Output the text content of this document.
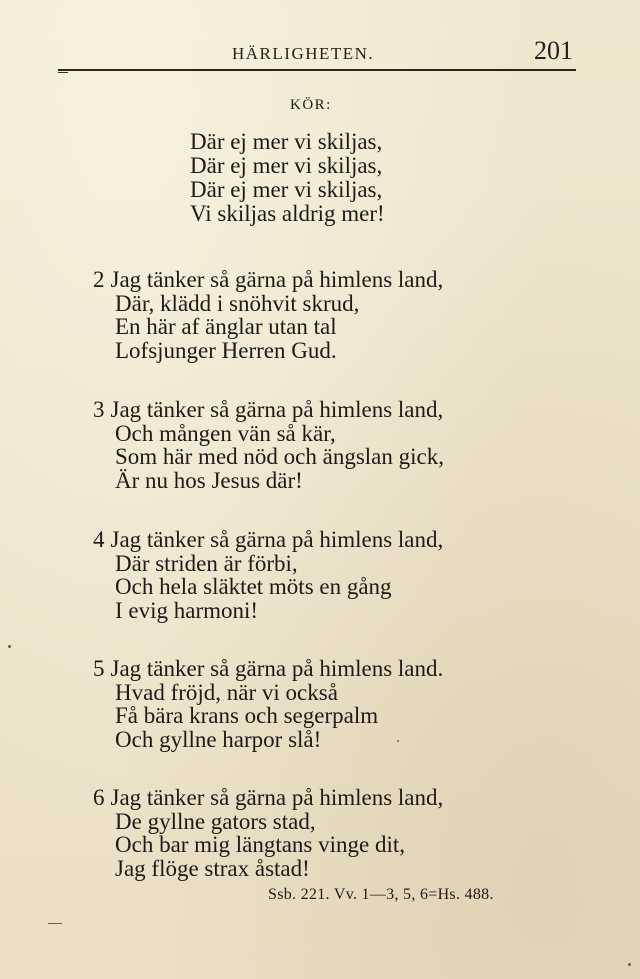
HÄRLIGHETEN.	201
KÖR:
Där ej mer vi skiljas,
Där ej mer vi skiljas,
Där ej mer vi skiljas,
Vi skiljas aldrig mer!
2 Jag tänker så gärna på himlens land,
Där, klädd i snöhvit skrud,
En här af änglar utan tal
Lofsjunger Herren Gud.
3 Jag tänker så gärna på himlens land,
Och mången vän så kär,
Som här med nöd och ängslan gick,
Är nu hos Jesus där!
4 Jag tänker så gärna på himlens land,
Där striden är förbi,
Och hela släktet möts en gång
I evig harmoni!
5 Jag tänker så gärna på himlens land.
Hvad fröjd, när vi också
Få bära krans och segerpalm
Och gyllne harpor slå!
6 Jag tänker så gärna på himlens land,
De gyllne gators stad,
Och bar mig längtans vinge dit,
Jag flöge strax åstad!
Ssb. 221. Vv. 1—3, 5, 6=Hs. 488.
